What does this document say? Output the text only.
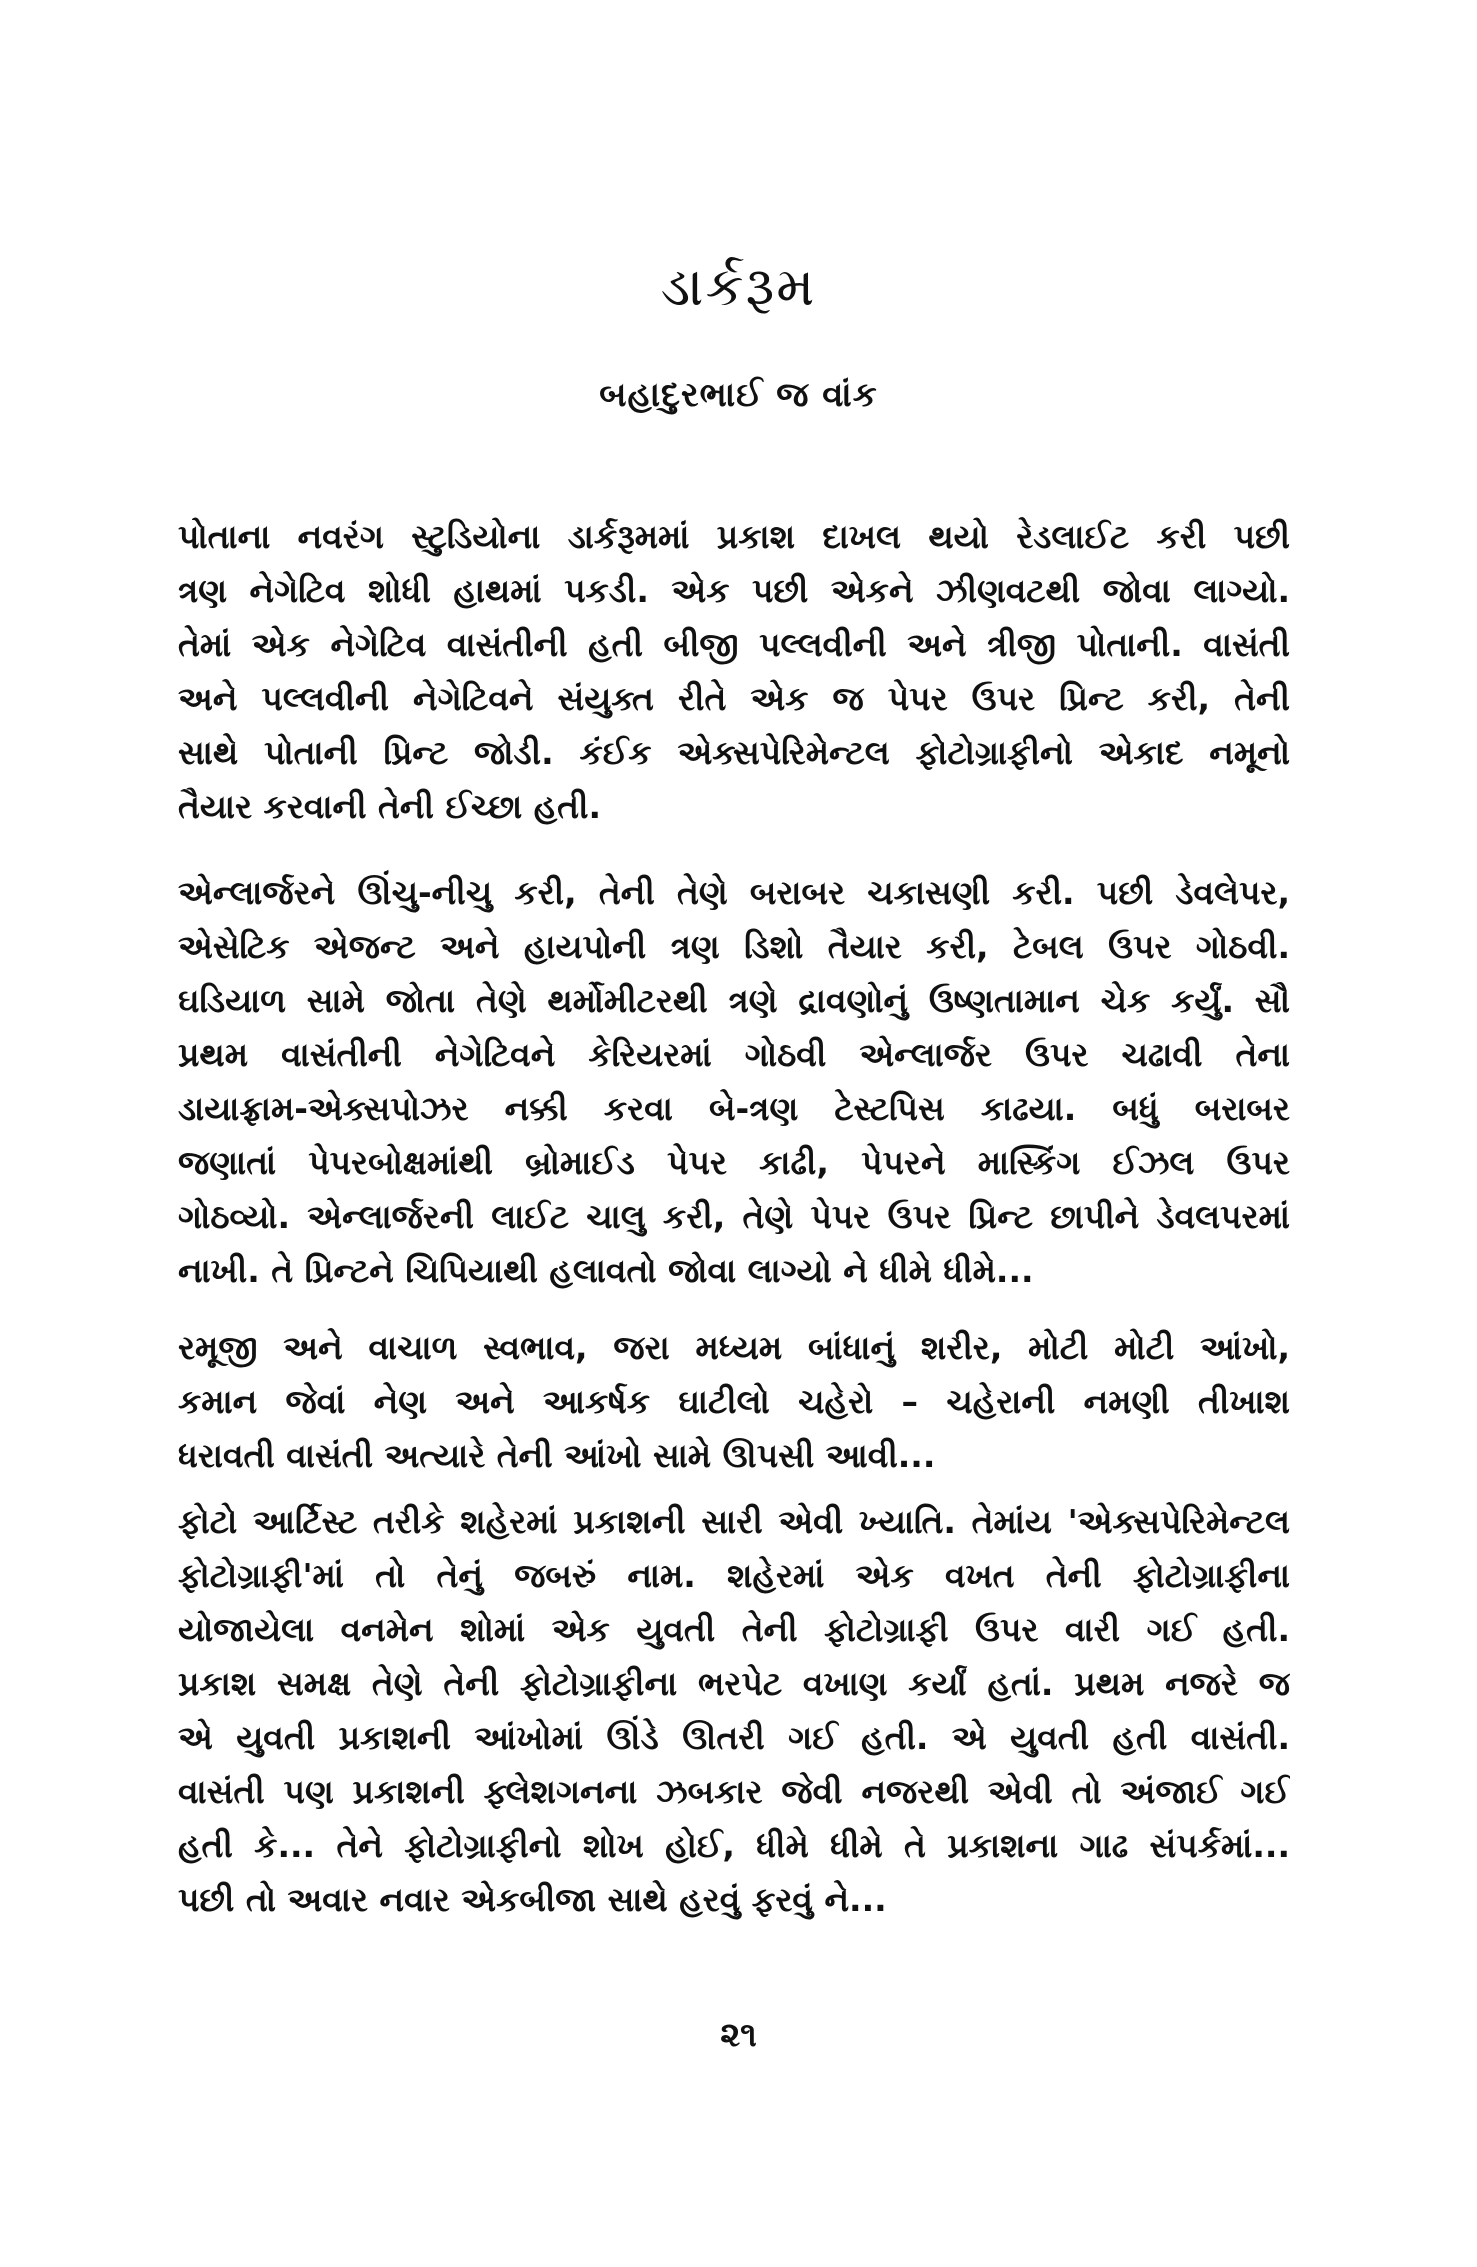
ડાર્કરૂમ
બહાદુરભાઈ જ વાંક
પોતાના નવરંગ સ્ટુડિયોના ડાર્કરૂમમાં પ્રકાશ દાખલ થયો રેડલાઈટ કરી પછી
ત્રણ નેગેટિવ શોધી હાથમાં પકડી. એક પછી એકને ઝીણવટથી જોવા લાગ્યો.
તેમાં એક નેગેટિવ વાસંતીની હતી બીજી પલ્લવીની અને ત્રીજી પોતાની. વાસંતી
અને પલ્લવીની નેગેટિવને સંયુક્ત રીતે એક જ પેપર ઉપર પ્રિન્ટ કરી, તેની
સાથે પોતાની પ્રિન્ટ જોડી. કંઈક એક્સપેરિમેન્ટલ ફોટોગ્રાફીનો એકાદ નમૂનો
તૈયાર કરવાની તેની ઈચ્છા હતી.
એન્લાર્જરને ઊંચુ-નીચુ કરી, તેની તેણે બરાબર ચકાસણી કરી. પછી ડેવલેપર,
એસેટિક એજન્ટ અને હાયપોની ત્રણ ડિશો તૈયાર કરી, ટેબલ ઉપર ગોઠવી.
ઘડિયાળ સામે જોતા તેણે થર્મોમીટરથી ત્રણે દ્રાવણોનું ઉષ્ણતામાન ચેક કર્યું. સૌ
પ્રથમ વાસંતીની નેગેટિવને કેરિયરમાં ગોઠવી એન્લાર્જર ઉપર ચઢાવી તેના
ડાયાફ્રામ-એક્સપોઝર નક્કી કરવા બે-ત્રણ ટેસ્ટપિસ કાઢયા. બધું બરાબર
જણાતાં પેપરબોક્ષમાંથી બ્રોમાઈડ પેપર કાઢી, પેપરને માસ્કિંગ ઈઝલ ઉપર
ગોઠવ્યો. એન્લાર્જરની લાઈટ ચાલુ કરી, તેણે પેપર ઉપર પ્રિન્ટ છાપીને ડેવલપરમાં
નાખી. તે પ્રિન્ટને ચિપિયાથી હલાવતો જોવા લાગ્યો ને ધીમે ધીમે...
રમૂજી અને વાચાળ સ્વભાવ, જરા મધ્યમ બાંધાનું શરીર, મોટી મોટી આંખો,
કમાન જેવાં નેણ અને આકર્ષક ઘાટીલો ચહેરો – ચહેરાની નમણી તીખાશ
ધરાવતી વાસંતી અત્યારે તેની આંખો સામે ઊપસી આવી...
ફોટો આર્ટિસ્ટ તરીકે શહેરમાં પ્રકાશની સારી એવી ખ્યાતિ. તેમાંય 'એક્સપેરિમેન્ટલ
ફોટોગ્રાફી'માં તો તેનું જબરું નામ. શહેરમાં એક વખત તેની ફોટોગ્રાફીના
યોજાયેલા વનમેન શોમાં એક યુવતી તેની ફોટોગ્રાફી ઉપર વારી ગઈ હતી.
પ્રકાશ સમક્ષ તેણે તેની ફોટોગ્રાફીના ભરપેટ વખાણ કર્યાં હતાં. પ્રથમ નજરે જ
એ યુવતી પ્રકાશની આંખોમાં ઊંડે ઊતરી ગઈ હતી. એ યુવતી હતી વાસંતી.
વાસંતી પણ પ્રકાશની ફ્લેશગનના ઝબકાર જેવી નજરથી એવી તો અંજાઈ ગઈ
હતી કે... તેને ફોટોગ્રાફીનો શોખ હોઈ, ધીમે ધીમે તે પ્રકાશના ગાઢ સંપર્કમાં...
પછી તો અવાર નવાર એકબીજા સાથે હરવું ફરવું ને...
૨૧
